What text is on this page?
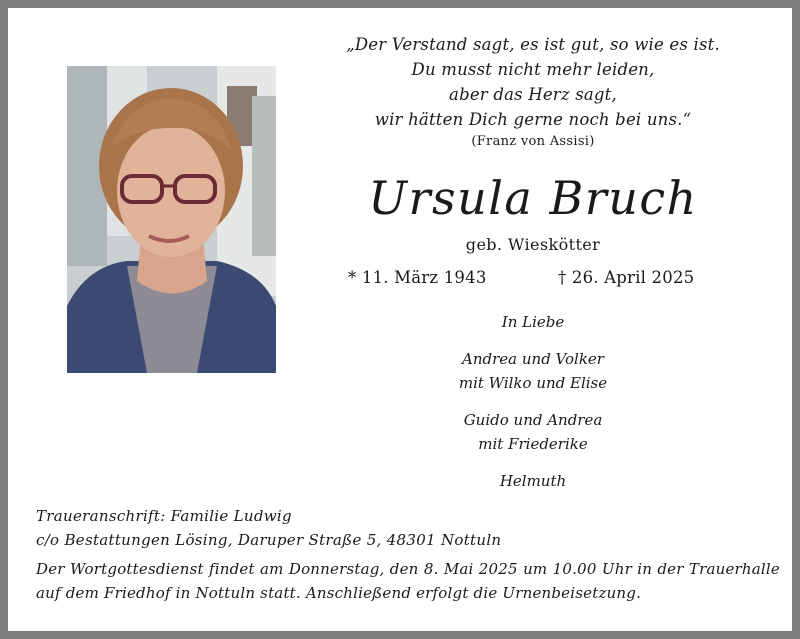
„Der Verstand sagt, es ist gut, so wie es ist.
Du musst nicht mehr leiden,
aber das Herz sagt,
wir hätten Dich gerne noch bei uns.“
(Franz von Assisi)
Ursula Bruch
geb. Wieskötter
* 11. März 1943	† 26. April 2025
In Liebe
Andrea und Volker
mit Wilko und Elise
Guido und Andrea
mit Friederike
Helmuth
Traueranschrift: Familie Ludwig
c/o Bestattungen Lösing, Daruper Straße 5, 48301 Nottuln
Der Wortgottesdienst findet am Donnerstag, den 8. Mai 2025 um 10.00 Uhr in der Trauerhalle auf dem Friedhof in Nottuln statt. Anschließend erfolgt die Urnenbeisetzung.
